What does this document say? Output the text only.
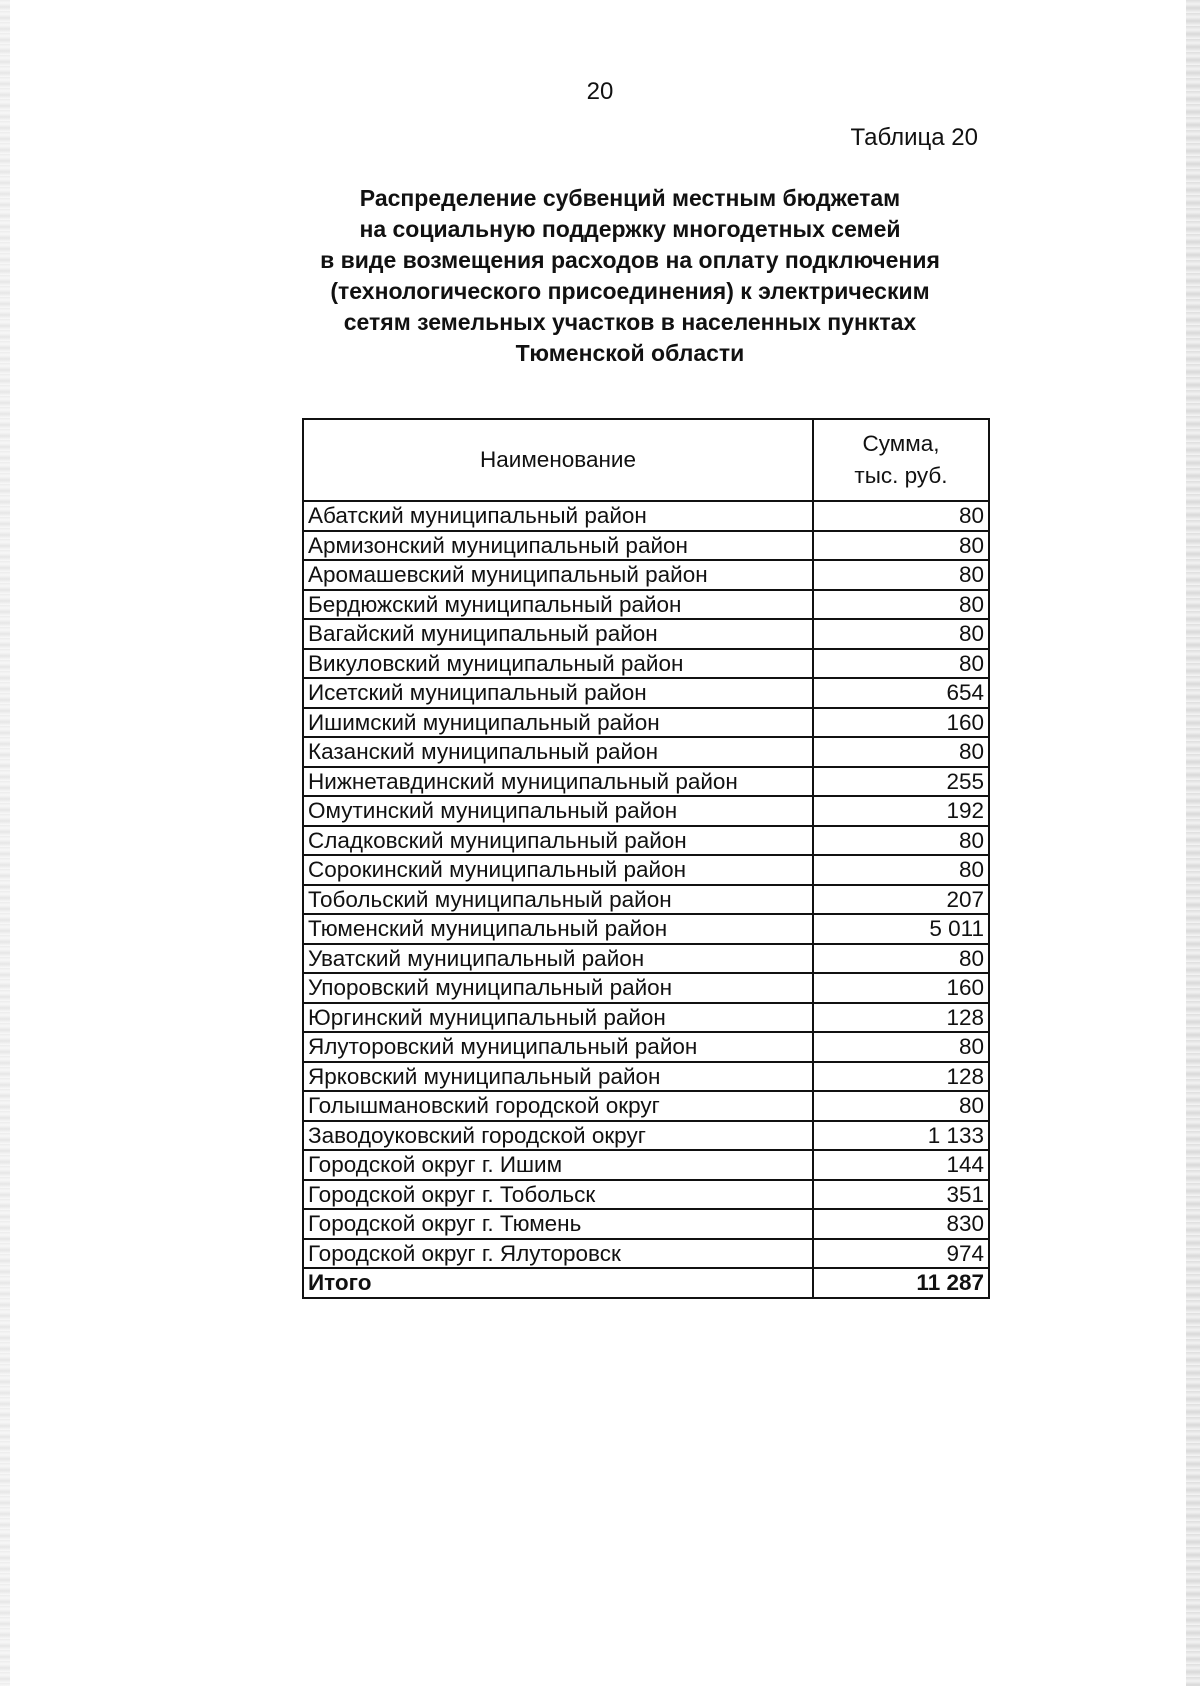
20
Таблица 20
Распределение субвенций местным бюджетам
на социальную поддержку многодетных семей
в виде возмещения расходов на оплату подключения
(технологического присоединения) к электрическим
сетям земельных участков в населенных пунктах
Тюменской области
Наименование	Сумма,
тыс. руб.

Абатский муниципальный район	80
Армизонский муниципальный район	80
Аромашевский муниципальный район	80
Бердюжский муниципальный район	80
Вагайский муниципальный район	80
Викуловский муниципальный район	80
Исетский муниципальный район	654
Ишимский муниципальный район	160
Казанский муниципальный район	80
Нижнетавдинский муниципальный район	255
Омутинский муниципальный район	192
Сладковский муниципальный район	80
Сорокинский муниципальный район	80
Тобольский муниципальный район	207
Тюменский муниципальный район	5 011
Уватский муниципальный район	80
Упоровский муниципальный район	160
Юргинский муниципальный район	128
Ялуторовский муниципальный район	80
Ярковский муниципальный район	128
Голышмановский городской округ	80
Заводоуковский городской округ	1 133
Городской округ г. Ишим	144
Городской округ г. Тобольск	351
Городской округ г. Тюмень	830
Городской округ г. Ялуторовск	974
Итого	11 287
